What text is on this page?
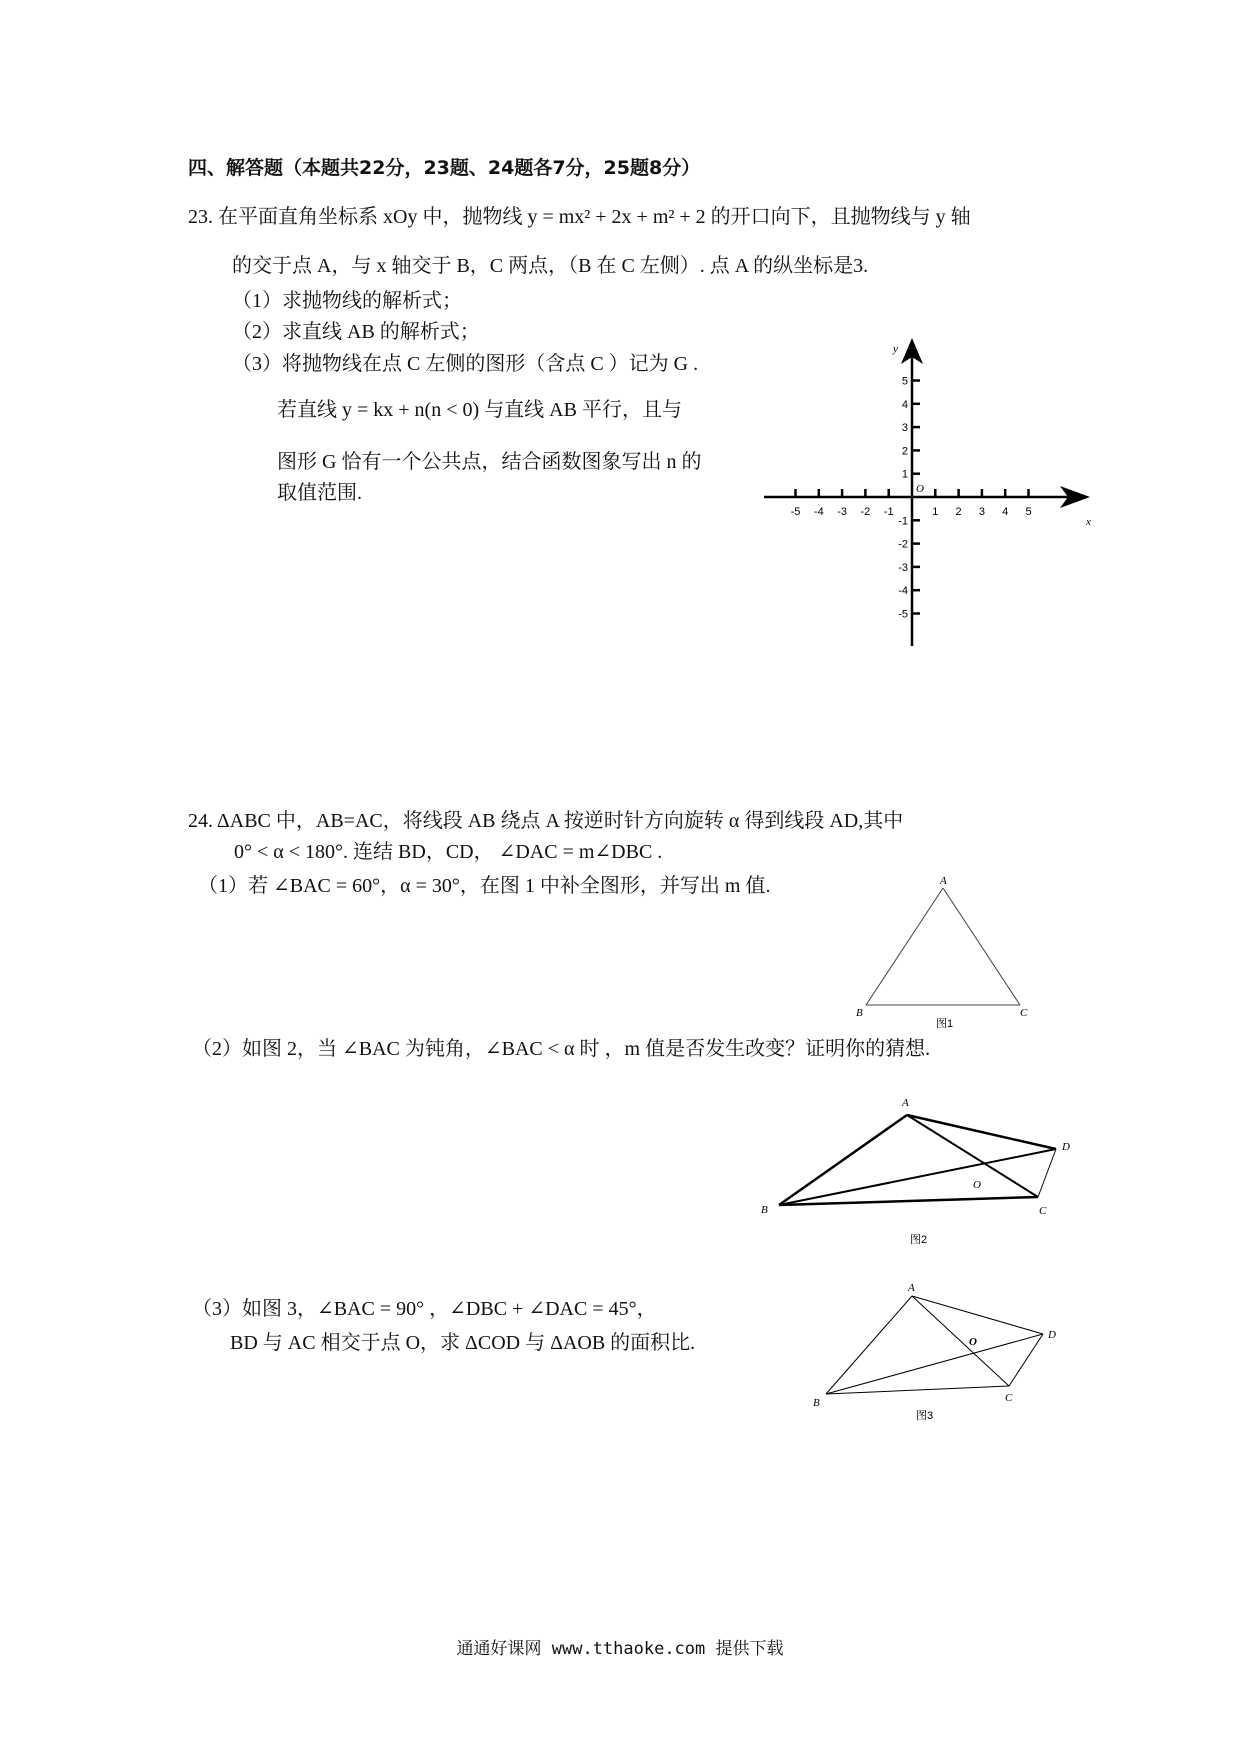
四、解答题（本题共22分，23题、24题各7分，25题8分）
23. 在平面直角坐标系 xOy 中，抛物线 y = mx² + 2x + m² + 2 的开口向下，且抛物线与 y 轴
的交于点 A，与 x 轴交于 B，C 两点，（B 在 C 左侧）. 点 A 的纵坐标是3.
（1）求抛物线的解析式；
（2）求直线 AB 的解析式；
（3）将抛物线在点 C 左侧的图形（含点 C ）记为 G .
若直线 y = kx + n(n < 0) 与直线 AB 平行，且与
图形 G 恰有一个公共点，结合函数图象写出 n 的
取值范围.
x
y
O
-5 -4 -3 -2 -1	1 2 3 4 5
5
4
3
2
1
-1
-2
-3
-4
-5
24. ΔABC 中，AB=AC，将线段 AB 绕点 A 按逆时针方向旋转 α 得到线段 AD,其中
0° < α < 180°. 连结 BD，CD， ∠DAC = m∠DBC .
（1）若 ∠BAC = 60°，α = 30°，在图 1 中补全图形，并写出 m 值.
（2）如图 2，当 ∠BAC 为钝角，∠BAC < α 时 ，m 值是否发生改变？证明你的猜想.
（3）如图 3，∠BAC = 90° ，∠DBC + ∠DAC = 45°，
BD 与 AC 相交于点 O，求 ΔCOD 与 ΔAOB 的面积比.
A
B	C
图1
A
D
B	C
O
图2
A
D
B	C
O
图3
通通好课网 www.tthaoke.com 提供下载
